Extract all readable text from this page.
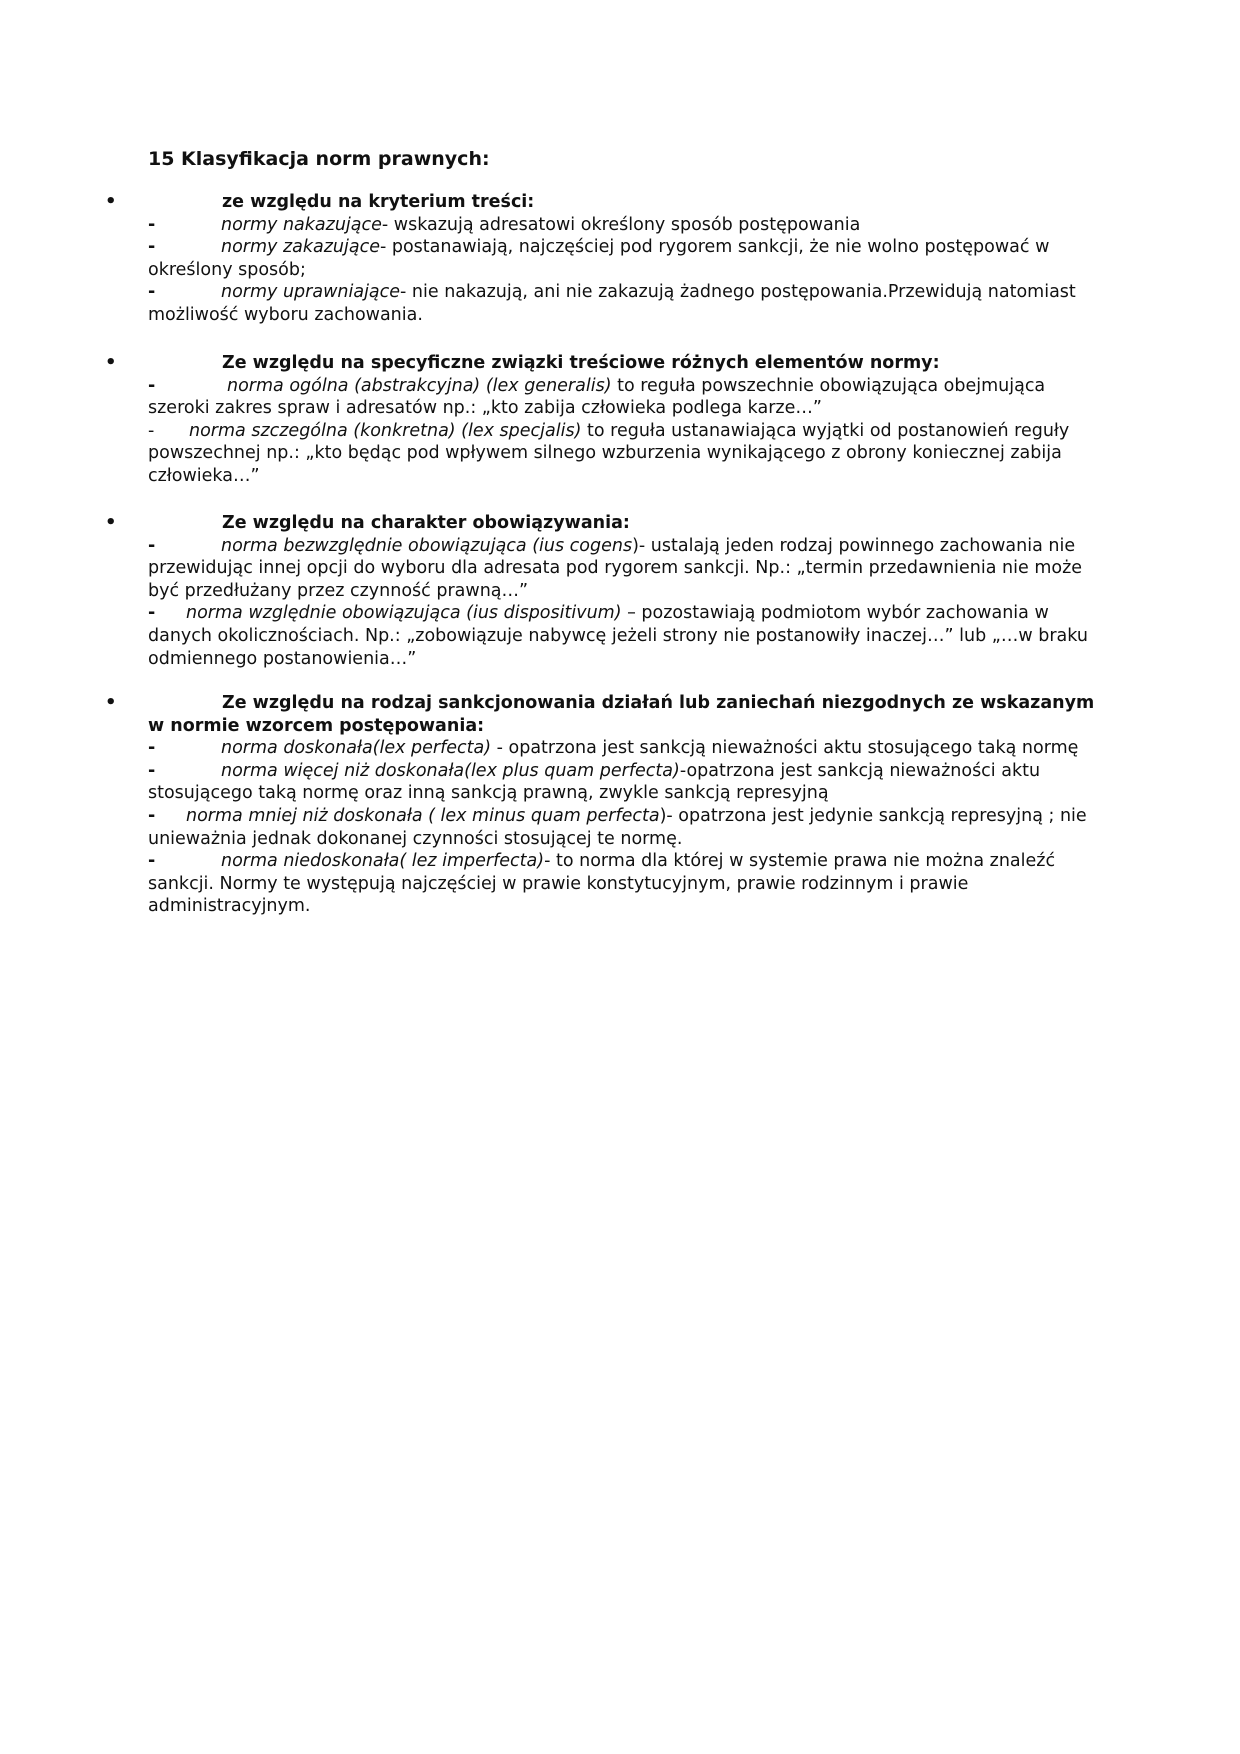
15 Klasyfikacja norm prawnych:
•	ze względu na kryterium treści:
-	normy nakazujące- wskazują adresatowi określony sposób postępowania
-	normy zakazujące- postanawiają, najczęściej pod rygorem sankcji, że nie wolno postępować w określony sposób;
-	normy uprawniające- nie nakazują, ani nie zakazują żadnego postępowania.Przewidują natomiast możliwość wyboru zachowania.
•	Ze względu na specyficzne związki treściowe różnych elementów normy:
-	norma ogólna (abstrakcyjna) (lex generalis) to reguła powszechnie obowiązująca obejmująca szeroki zakres spraw i adresatów np.: „kto zabija człowieka podlega karze…”
- norma szczególna (konkretna) (lex specjalis) to reguła ustanawiająca wyjątki od postanowień reguły powszechnej np.: „kto będąc pod wpływem silnego wzburzenia wynikającego z obrony koniecznej zabija człowieka…”
•	Ze względu na charakter obowiązywania:
-	norma bezwzględnie obowiązująca (ius cogens)- ustalają jeden rodzaj powinnego zachowania nie przewidując innej opcji do wyboru dla adresata pod rygorem sankcji. Np.: „termin przedawnienia nie może być przedłużany przez czynność prawną…”
- norma względnie obowiązująca (ius dispositivum) – pozostawiają podmiotom wybór zachowania w danych okolicznościach. Np.: „zobowiązuje nabywcę jeżeli strony nie postanowiły inaczej…” lub „…w braku odmiennego postanowienia…”
•	Ze względu na rodzaj sankcjonowania działań lub zaniechań niezgodnych ze wskazanym w normie wzorcem postępowania:
-	norma doskonała(lex perfecta) - opatrzona jest sankcją nieważności aktu stosującego taką normę
-	norma więcej niż doskonała(lex plus quam perfecta)-opatrzona jest sankcją nieważności aktu stosującego taką normę oraz inną sankcją prawną, zwykle sankcją represyjną
- norma mniej niż doskonała ( lex minus quam perfecta)- opatrzona jest jedynie sankcją represyjną ; nie unieważnia jednak dokonanej czynności stosującej te normę.
-	norma niedoskonała( lez imperfecta)- to norma dla której w systemie prawa nie można znaleźć sankcji. Normy te występują najczęściej w prawie konstytucyjnym, prawie rodzinnym i prawie administracyjnym.
